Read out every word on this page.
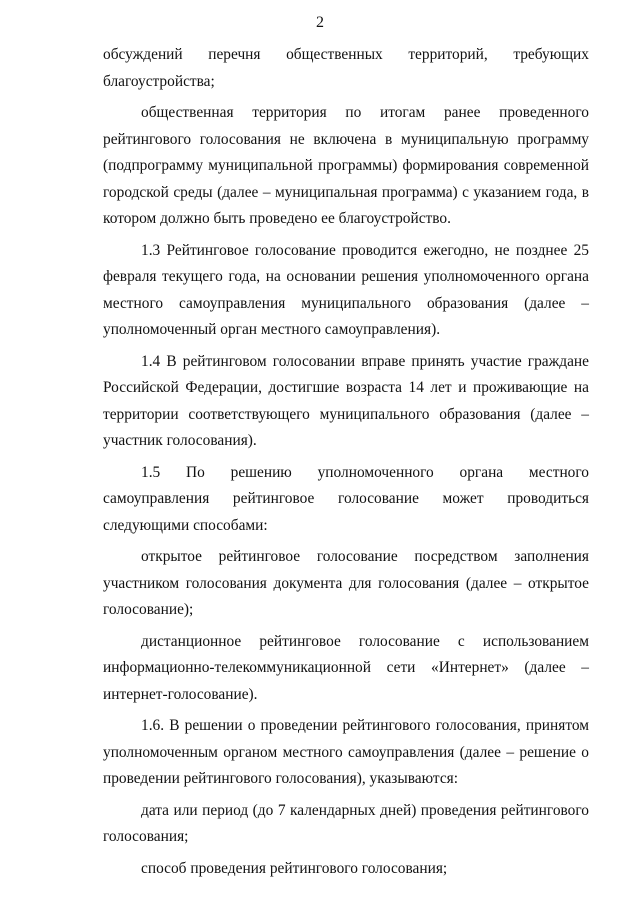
2

обсуждений перечня общественных территорий, требующих благоустройства;

общественная территория по итогам ранее проведенного рейтингового голосования не включена в муниципальную программу (подпрограмму муниципальной программы) формирования современной городской среды (далее – муниципальная программа) с указанием года, в котором должно быть проведено ее благоустройство.

1.3 Рейтинговое голосование проводится ежегодно, не позднее 25 февраля текущего года, на основании решения уполномоченного органа местного самоуправления муниципального образования (далее – уполномоченный орган местного самоуправления).

1.4 В рейтинговом голосовании вправе принять участие граждане Российской Федерации, достигшие возраста 14 лет и проживающие на территории соответствующего муниципального образования (далее – участник голосования).

1.5 По решению уполномоченного органа местного самоуправления рейтинговое голосование может проводиться следующими способами:

открытое рейтинговое голосование посредством заполнения участником голосования документа для голосования (далее – открытое голосование);

дистанционное рейтинговое голосование с использованием информационно-телекоммуникационной сети «Интернет» (далее – интернет-голосование).

1.6. В решении о проведении рейтингового голосования, принятом уполномоченным органом местного самоуправления (далее – решение о проведении рейтингового голосования), указываются:

дата или период (до 7 календарных дней) проведения рейтингового голосования;

способ проведения рейтингового голосования;
